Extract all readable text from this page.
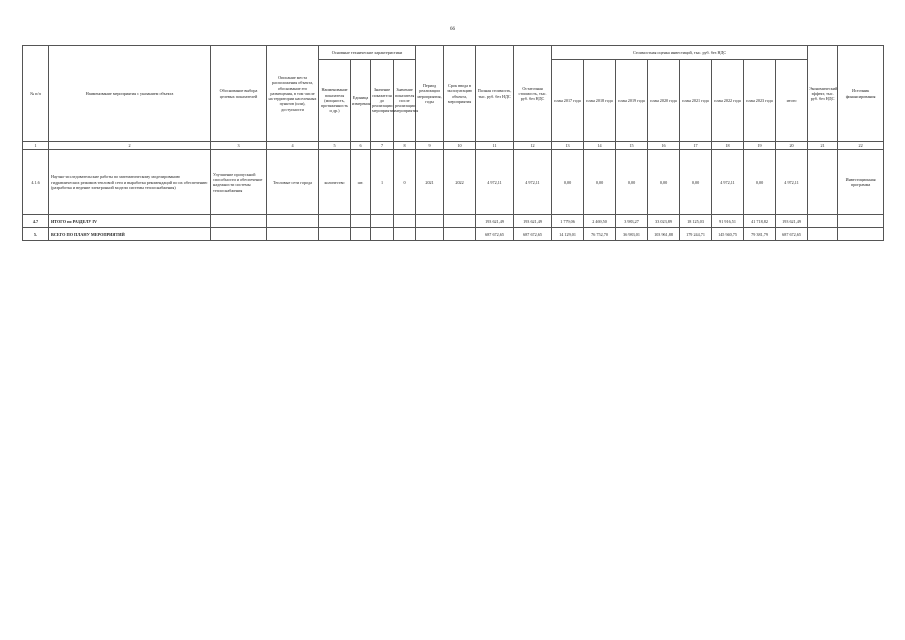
66
№ п/п	Наименование мероприятия с указанием объекта	Обоснование выбора целевых показателей	Описание места расположения объекта, обоснование его размещения, в том числе на территории населенных пунктов (или), доступности	Основные технические характеристики				Период реализации мероприятия, годы	Срок ввода в эксплуатацию объекта, мероприятия	Полная стоимость, тыс. руб. без НДС	Остаточная стоимость, тыс. руб. без НДС	Стоимостная оценка инвестиций, тыс. руб. без НДС								Экономический эффект, тыс. руб. без НДС	Источник финансирования
				Наименование показателя (мощность, протяженность и др.)	Единица измерения	Значение показателя до реализации мероприятия	Значение показателя после реализации мероприятия					план 2017 года	план 2018 года	план 2019 года	план 2020 года	план 2021 года	план 2022 года	план 2023 года	итого		

1	2	3	4	5	6	7	8	9	10	11	12	13	14	15	16	17	18	19	20	21	22
4.1.6	Научно-исследовательские работы по математическому моделированию гидравлических режимов тепловой сети и выработка рекомендаций по их обеспечению (разработка и ведение электронной модели системы теплоснабжения)	Улучшение пропускной способности и обеспечение надежности системы теплоснабжения	Тепловые сети города	количество	шт.	1	0	2021	2022	4 972,11	4 972,11	0,00	0,00	0,00	0,00	0,00	4 972,11	0,00	4 972,11		Инвестиционная программа
4.7	ИТОГО по РАЗДЕЛУ IV									193 621,49	193 621,49	1 779,06	2 469,50	3 983,27	33 023,89	18 125,03	91 916,51	41 718,82	193 621,49		
5.	ВСЕГО ПО ПЛАНУ МЕРОПРИЯТИЙ									687 672,65	687 672,65	14 129,01	76 752,70	36 983,01	103 961,88	179 244,71	145 940,75	79 381,79	687 672,65		
